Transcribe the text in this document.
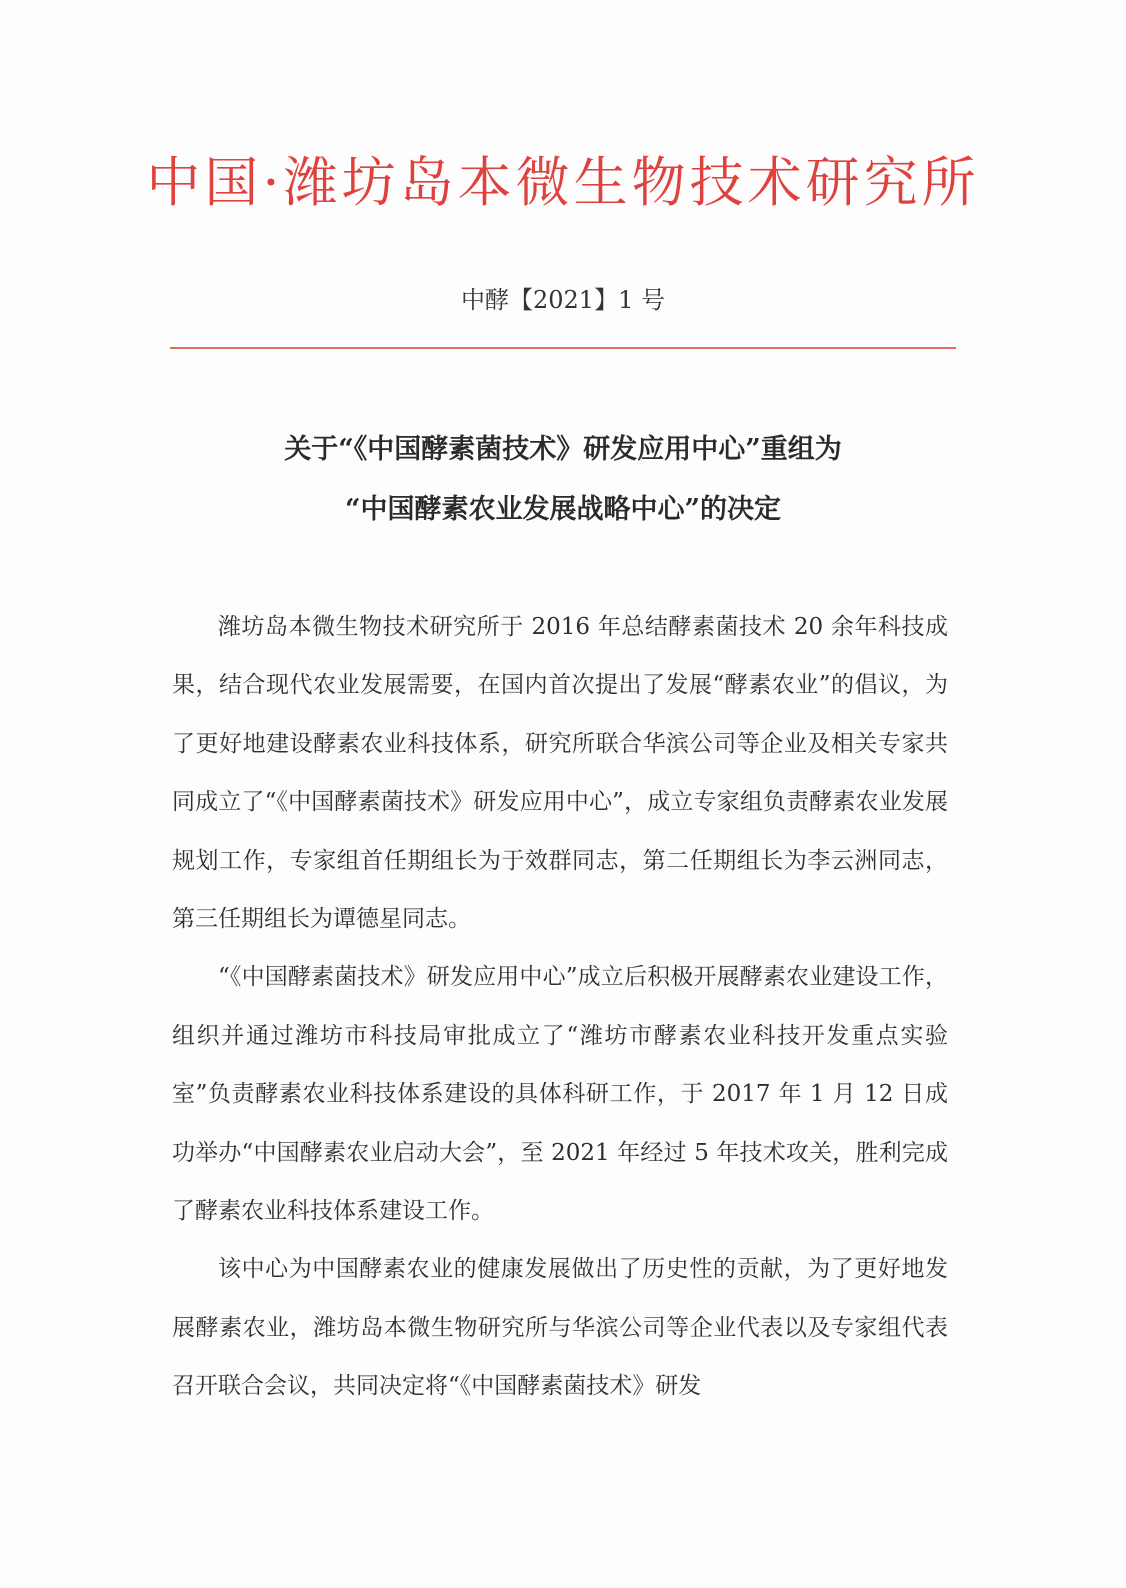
中国·潍坊岛本微生物技术研究所
中酵【2021】1 号
关于“《中国酵素菌技术》研发应用中心”重组为
“中国酵素农业发展战略中心”的决定

潍坊岛本微生物技术研究所于 2016 年总结酵素菌技术 20 余年科技成果，结合现代农业发展需要，在国内首次提出了发展“酵素农业”的倡议，为了更好地建设酵素农业科技体系，研究所联合华滨公司等企业及相关专家共同成立了“《中国酵素菌技术》研发应用中心”，成立专家组负责酵素农业发展规划工作，专家组首任期组长为于效群同志，第二任期组长为李云洲同志，第三任期组长为谭德星同志。

“《中国酵素菌技术》研发应用中心”成立后积极开展酵素农业建设工作，组织并通过潍坊市科技局审批成立了“潍坊市酵素农业科技开发重点实验室”负责酵素农业科技体系建设的具体科研工作，于 2017 年 1 月 12 日成功举办“中国酵素农业启动大会”，至 2021 年经过 5 年技术攻关，胜利完成了酵素农业科技体系建设工作。

该中心为中国酵素农业的健康发展做出了历史性的贡献，为了更好地发展酵素农业，潍坊岛本微生物研究所与华滨公司等企业代表以及专家组代表召开联合会议，共同决定将“《中国酵素菌技术》研发
